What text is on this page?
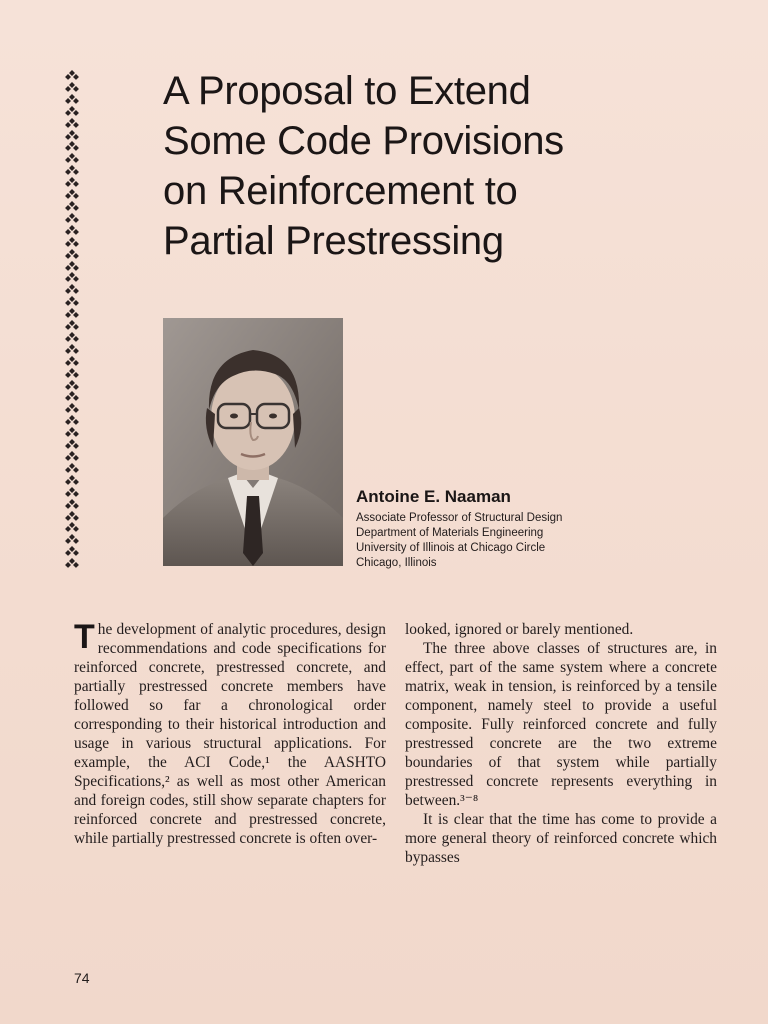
A Proposal to Extend
Some Code Provisions
on Reinforcement to
Partial Prestressing
Antoine E. Naaman
Associate Professor of Structural Design
Department of Materials Engineering
University of Illinois at Chicago Circle
Chicago, Illinois

The development of analytic procedures, design recommendations and code specifications for reinforced concrete, prestressed concrete, and partially prestressed concrete members have followed so far a chronological order corresponding to their historical introduction and usage in various structural applications. For example, the ACI Code,¹ the AASHTO Specifications,² as well as most other American and foreign codes, still show separate chapters for reinforced concrete and prestressed concrete, while partially prestressed concrete is often over-

looked, ignored or barely mentioned.

The three above classes of structures are, in effect, part of the same system where a concrete matrix, weak in tension, is reinforced by a tensile component, namely steel to provide a useful composite. Fully reinforced concrete and fully prestressed concrete are the two extreme boundaries of that system while partially prestressed concrete represents everything in between.³⁻⁸

It is clear that the time has come to provide a more general theory of reinforced concrete which bypasses

74
